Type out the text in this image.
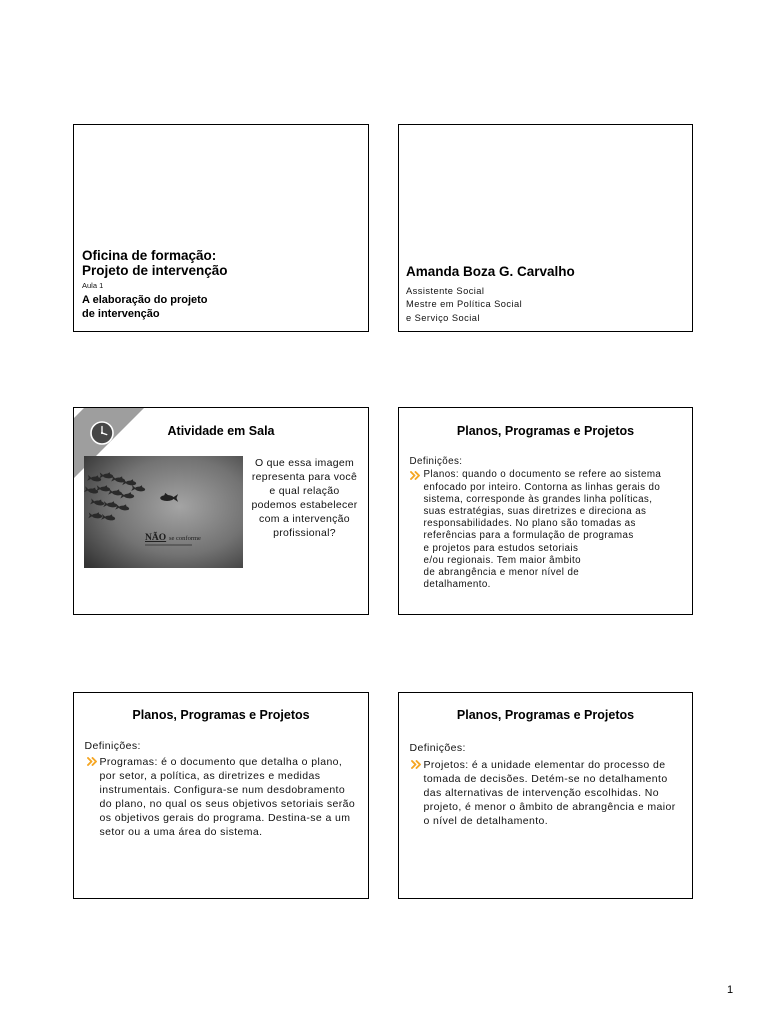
Oficina de formação:
Projeto de intervenção
Aula 1
A elaboração do projeto
de intervenção
Amanda Boza G. Carvalho
Assistente Social
Mestre em Política Social
e Serviço Social
Atividade em Sala
NÃO se conforme
O que essa imagem
representa para você
e qual relação
podemos estabelecer
com a intervenção
profissional?
Planos, Programas e Projetos
Definições:
Planos: quando o documento se refere ao sistema
enfocado por inteiro. Contorna as linhas gerais do
sistema, corresponde às grandes linha políticas,
suas estratégias, suas diretrizes e direciona as
responsabilidades. No plano são tomadas as
referências para a formulação de programas
e projetos para estudos setoriais
e/ou regionais. Tem maior âmbito
de abrangência e menor nível de
detalhamento.
Planos, Programas e Projetos
Definições:
Programas: é o documento que detalha o plano,
por setor, a política, as diretrizes e medidas
instrumentais. Configura-se num desdobramento
do plano, no qual os seus objetivos setoriais serão
os objetivos gerais do programa. Destina-se a um
setor ou a uma área do sistema.
Planos, Programas e Projetos
Definições:
Projetos: é a unidade elementar do processo de
tomada de decisões. Detém-se no detalhamento
das alternativas de intervenção escolhidas. No
projeto, é menor o âmbito de abrangência e maior
o nível de detalhamento.
1
